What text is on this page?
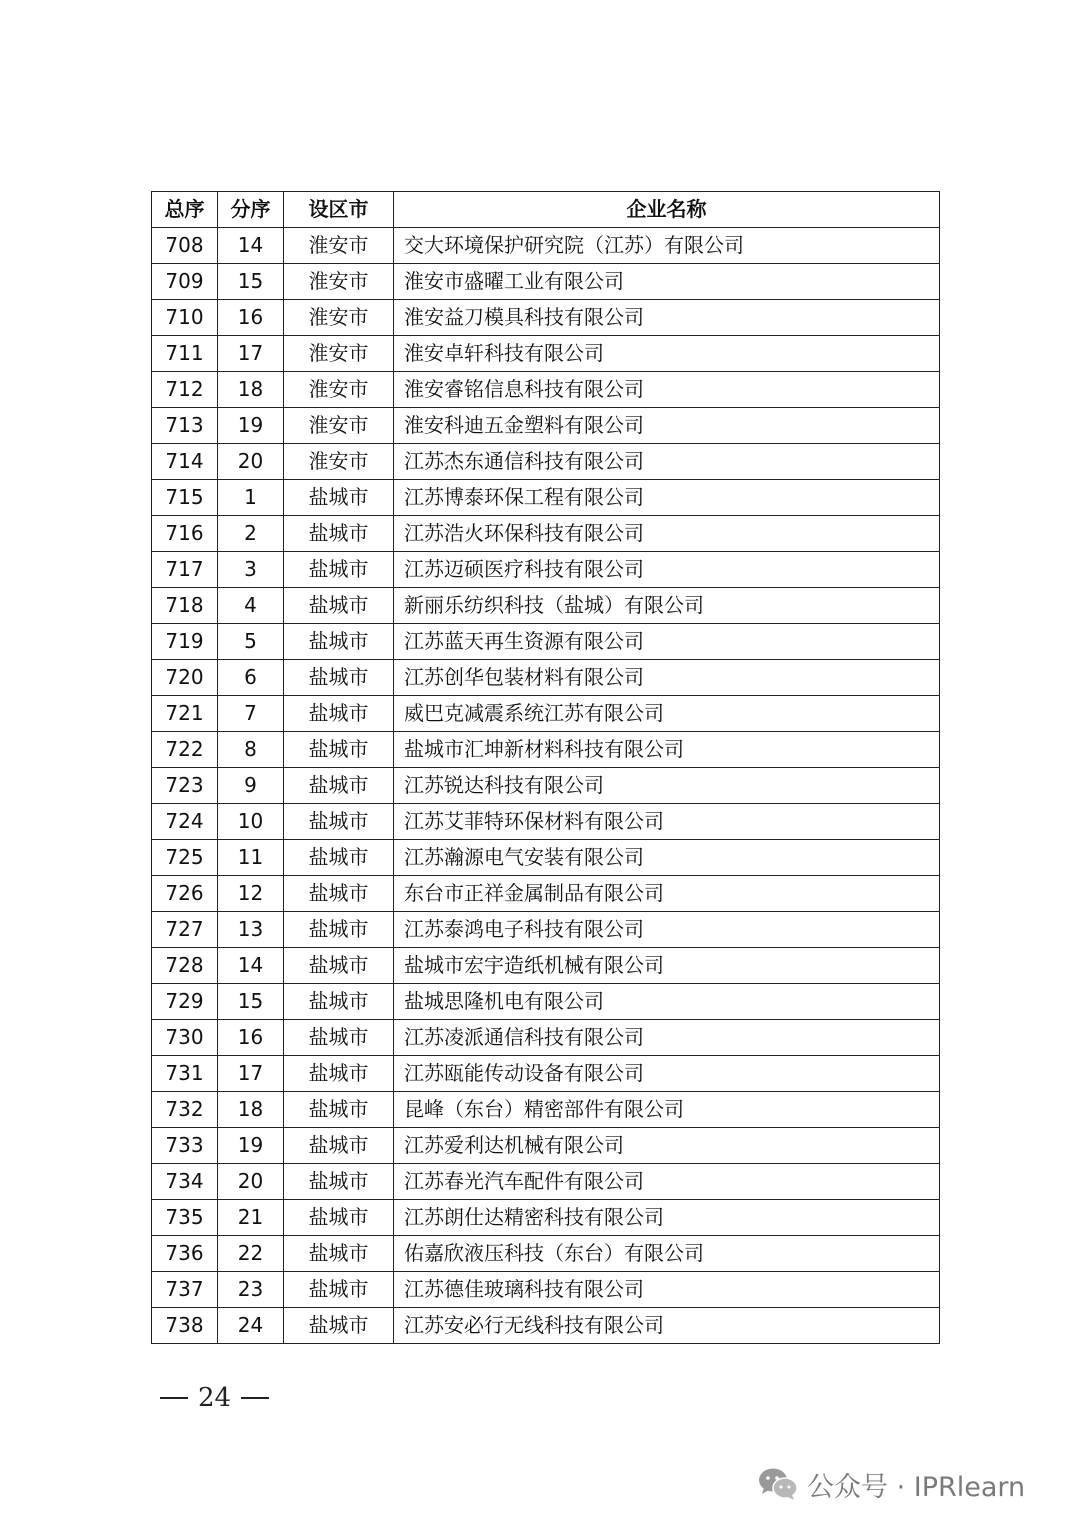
总序	分序	设区市	企业名称
708	14	淮安市	交大环境保护研究院（江苏）有限公司
709	15	淮安市	淮安市盛曜工业有限公司
710	16	淮安市	淮安益刀模具科技有限公司
711	17	淮安市	淮安卓轩科技有限公司
712	18	淮安市	淮安睿铭信息科技有限公司
713	19	淮安市	淮安科迪五金塑料有限公司
714	20	淮安市	江苏杰东通信科技有限公司
715	1	盐城市	江苏博泰环保工程有限公司
716	2	盐城市	江苏浩火环保科技有限公司
717	3	盐城市	江苏迈硕医疗科技有限公司
718	4	盐城市	新丽乐纺织科技（盐城）有限公司
719	5	盐城市	江苏蓝天再生资源有限公司
720	6	盐城市	江苏创华包装材料有限公司
721	7	盐城市	威巴克减震系统江苏有限公司
722	8	盐城市	盐城市汇坤新材料科技有限公司
723	9	盐城市	江苏锐达科技有限公司
724	10	盐城市	江苏艾菲特环保材料有限公司
725	11	盐城市	江苏瀚源电气安装有限公司
726	12	盐城市	东台市正祥金属制品有限公司
727	13	盐城市	江苏泰鸿电子科技有限公司
728	14	盐城市	盐城市宏宇造纸机械有限公司
729	15	盐城市	盐城思隆机电有限公司
730	16	盐城市	江苏凌派通信科技有限公司
731	17	盐城市	江苏瓯能传动设备有限公司
732	18	盐城市	昆峰（东台）精密部件有限公司
733	19	盐城市	江苏爱利达机械有限公司
734	20	盐城市	江苏春光汽车配件有限公司
735	21	盐城市	江苏朗仕达精密科技有限公司
736	22	盐城市	佑嘉欣液压科技（东台）有限公司
737	23	盐城市	江苏德佳玻璃科技有限公司
738	24	盐城市	江苏安必行无线科技有限公司
24
公众号 · IPRlearn
